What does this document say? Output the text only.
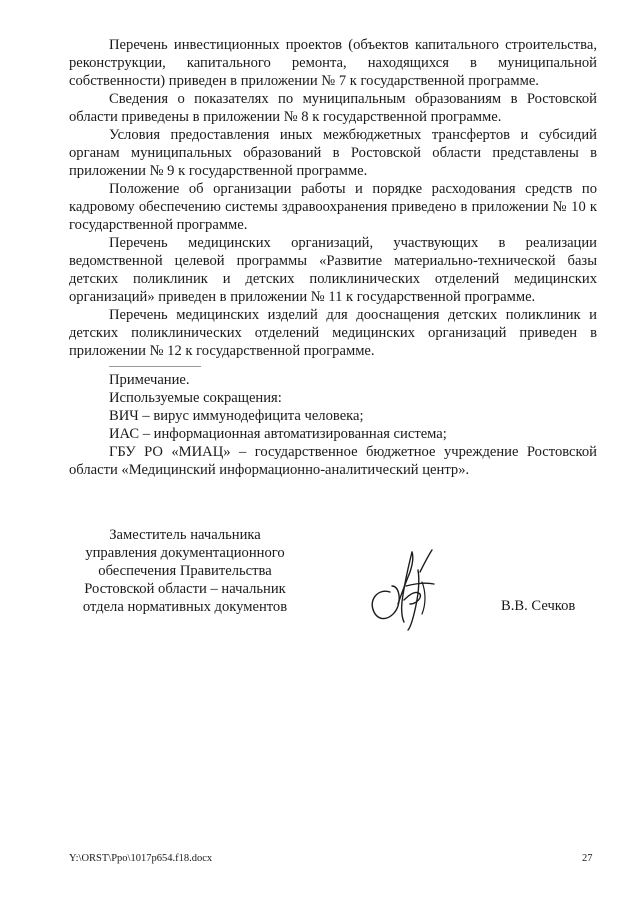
Перечень инвестиционных проектов (объектов капитального строительства, реконструкции, капитального ремонта, находящихся в муниципальной собственности) приведен в приложении № 7 к государственной программе.

Сведения о показателях по муниципальным образованиям в Ростовской области приведены в приложении № 8 к государственной программе.

Условия предоставления иных межбюджетных трансфертов и субсидий органам муниципальных образований в Ростовской области представлены в приложении № 9 к государственной программе.

Положение об организации работы и порядке расходования средств по кадровому обеспечению системы здравоохранения приведено в приложении № 10 к государственной программе.

Перечень медицинских организаций, участвующих в реализации ведомственной целевой программы «Развитие материально-технической базы детских поликлиник и детских поликлинических отделений медицинских организаций» приведен в приложении № 11 к государственной программе.

Перечень медицинских изделий для дооснащения детских поликлиник и детских поликлинических отделений медицинских организаций приведен в приложении № 12 к государственной программе.

Примечание.

Используемые сокращения:

ВИЧ – вирус иммунодефицита человека;

ИАС – информационная автоматизированная система;

ГБУ РО «МИАЦ» – государственное бюджетное учреждение Ростовской области «Медицинский информационно-аналитический центр».

Заместитель начальника
управления документационного
обеспечения Правительства
Ростовской области – начальник
отдела нормативных документов	В.В. Сечков
Y:\ORST\Ppo\1017p654.f18.docx	27
